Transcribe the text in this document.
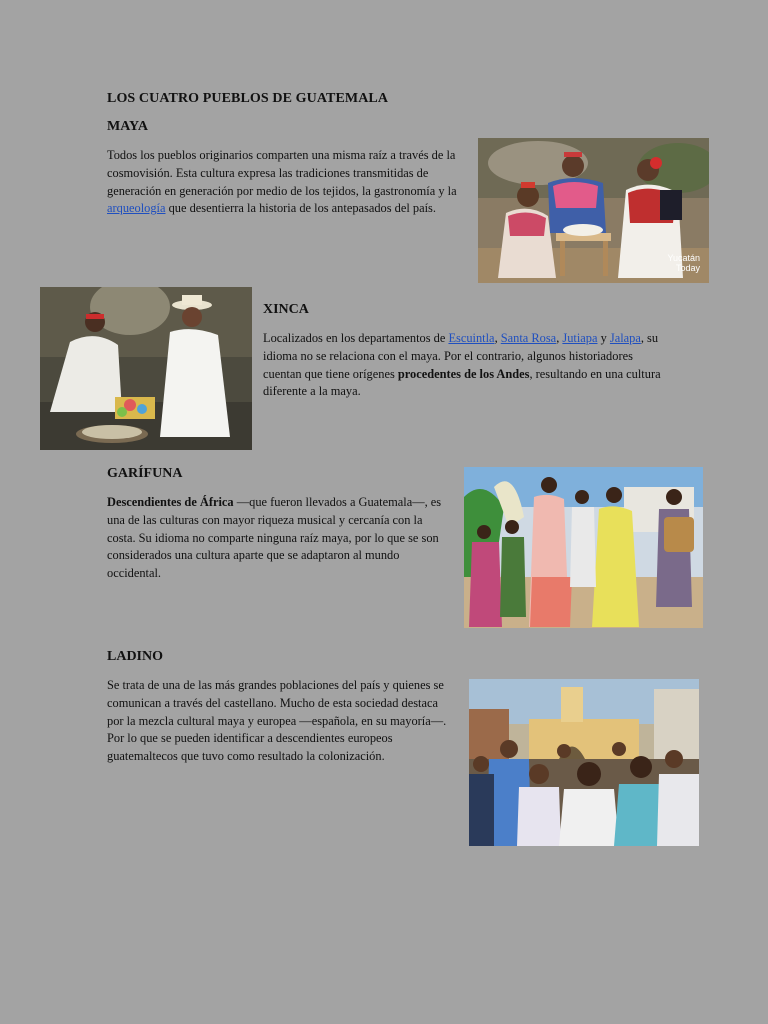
LOS CUATRO PUEBLOS DE GUATEMALA
MAYA
Todos los pueblos originarios comparten una misma raíz a través de la cosmovisión. Esta cultura expresa las tradiciones transmitidas de generación en generación por medio de los tejidos, la gastronomía y la arqueología que desentierra la historia de los antepasados del país.
Yucatán
Today
XINCA
Localizados en los departamentos de Escuintla, Santa Rosa, Jutiapa y Jalapa, su idioma no se relaciona con el maya. Por el contrario, algunos historiadores cuentan que tiene orígenes procedentes de los Andes, resultando en una cultura diferente a la maya.
GARÍFUNA
Descendientes de África —que fueron llevados a Guatemala—, es una de las culturas con mayor riqueza musical y cercanía con la costa. Su idioma no comparte ninguna raíz maya, por lo que se son considerados una cultura aparte que se adaptaron al mundo occidental.
LADINO
Se trata de una de las más grandes poblaciones del país y quienes se comunican a través del castellano. Mucho de esta sociedad destaca por la mezcla cultural maya y europea —española, en su mayoría—. Por lo que se pueden identificar a descendientes europeos guatemaltecos que tuvo como resultado la colonización.
